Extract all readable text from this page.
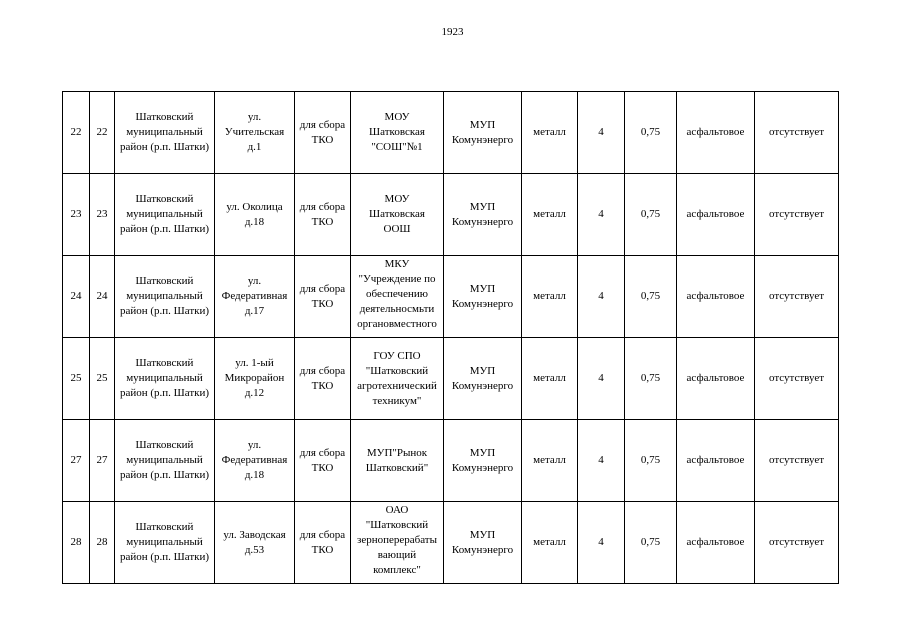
1923
22	22	Шатковский
муниципальный
район (р.п. Шатки)	ул.
Учительская
д.1	для сбора
ТКО	МОУ
Шатковская
"СОШ"№1	МУП
Комунэнерго	металл	4	0,75	асфальтовое	отсутствует

23	23	Шатковский
муниципальный
район (р.п. Шатки)	ул. Околица
д.18	для сбора
ТКО	МОУ
Шатковская
ООШ	МУП
Комунэнерго	металл	4	0,75	асфальтовое	отсутствует

24	24	Шатковский
муниципальный
район (р.п. Шатки)	ул.
Федеративная
д.17	для сбора
ТКО	МКУ
"Учреждение по
обеспечению
деятельносмьти
органовместного	МУП
Комунэнерго	металл	4	0,75	асфальтовое	отсутствует

25	25	Шатковский
муниципальный
район (р.п. Шатки)	ул. 1-ый
Микрорайон
д.12	для сбора
ТКО	ГОУ СПО
"Шатковский
агротехнический
техникум"	МУП
Комунэнерго	металл	4	0,75	асфальтовое	отсутствует

27	27	Шатковский
муниципальный
район (р.п. Шатки)	ул.
Федеративная
д.18	для сбора
ТКО	МУП"Рынок
Шатковский"	МУП
Комунэнерго	металл	4	0,75	асфальтовое	отсутствует

28	28	Шатковский
муниципальный
район (р.п. Шатки)	ул. Заводская
д.53	для сбора
ТКО	ОАО
"Шатковский
зерноперерабаты
вающий
комплекс"	МУП
Комунэнерго	металл	4	0,75	асфальтовое	отсутствует
